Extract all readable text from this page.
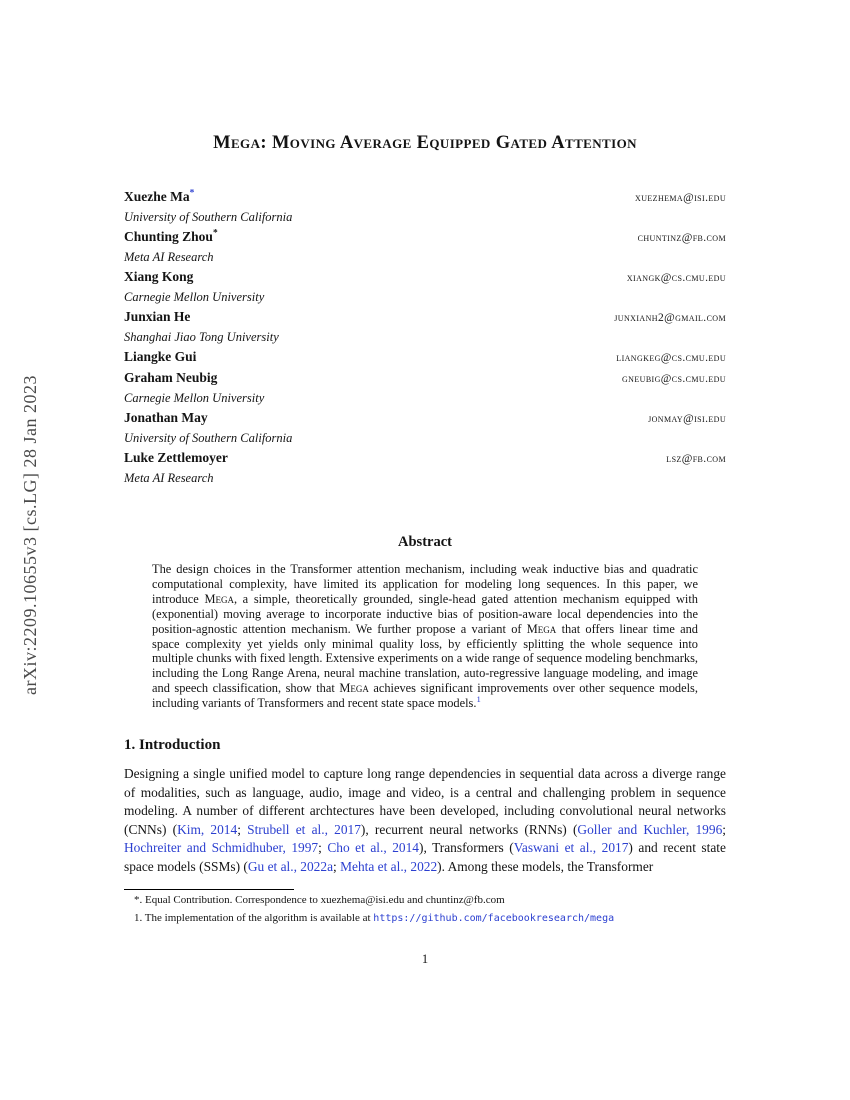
arXiv:2209.10655v3 [cs.LG] 28 Jan 2023
Mega: Moving Average Equipped Gated Attention
Xuezhe Ma*	xuezhema@isi.edu
University of Southern California
Chunting Zhou*	chuntinz@fb.com
Meta AI Research
Xiang Kong	xiangk@cs.cmu.edu
Carnegie Mellon University
Junxian He	junxianh2@gmail.com
Shanghai Jiao Tong University
Liangke Gui	liangkeg@cs.cmu.edu
Graham Neubig	gneubig@cs.cmu.edu
Carnegie Mellon University
Jonathan May	jonmay@isi.edu
University of Southern California
Luke Zettlemoyer	lsz@fb.com
Meta AI Research
Abstract

The design choices in the Transformer attention mechanism, including weak inductive bias and quadratic computational complexity, have limited its application for modeling long sequences. In this paper, we introduce Mega, a simple, theoretically grounded, single-head gated attention mechanism equipped with (exponential) moving average to incorporate inductive bias of position-aware local dependencies into the position-agnostic attention mechanism. We further propose a variant of Mega that offers linear time and space complexity yet yields only minimal quality loss, by efficiently splitting the whole sequence into multiple chunks with fixed length. Extensive experiments on a wide range of sequence modeling benchmarks, including the Long Range Arena, neural machine translation, auto-regressive language modeling, and image and speech classification, show that Mega achieves significant improvements over other sequence models, including variants of Transformers and recent state space models.$^1$

1. Introduction

Designing a single unified model to capture long range dependencies in sequential data across a diverge range of modalities, such as language, audio, image and video, is a central and challenging problem in sequence modeling. A number of different archtectures have been developed, including convolutional neural networks (CNNs) (Kim, 2014; Strubell et al., 2017), recurrent neural networks (RNNs) (Goller and Kuchler, 1996; Hochreiter and Schmidhuber, 1997; Cho et al., 2014), Transformers (Vaswani et al., 2017) and recent state space models (SSMs) (Gu et al., 2022a; Mehta et al., 2022). Among these models, the Transformer

*. Equal Contribution. Correspondence to xuezhema@isi.edu and chuntinz@fb.com
1. The implementation of the algorithm is available at https://github.com/facebookresearch/mega
1
